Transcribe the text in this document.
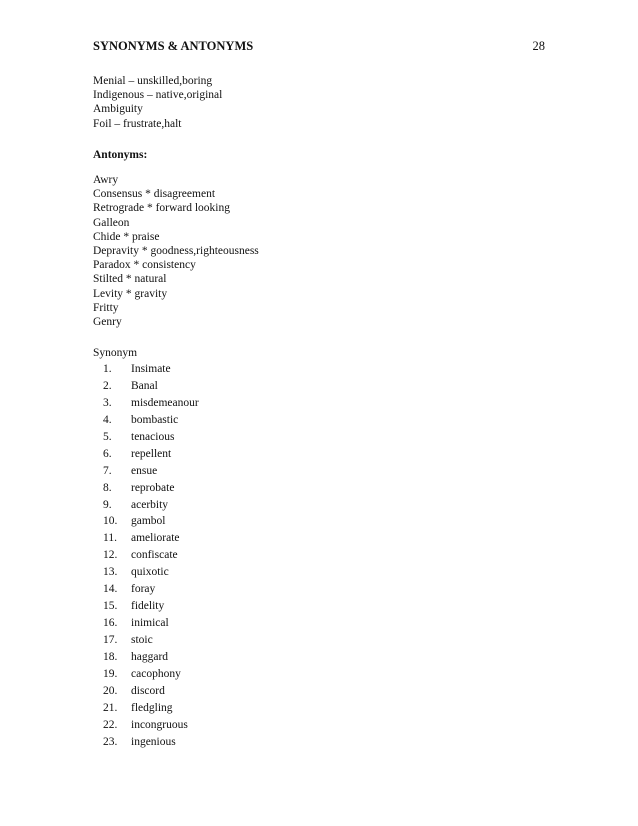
SYNONYMS & ANTONYMS	28
Menial – unskilled,boring
Indigenous – native,original
Ambiguity
Foil – frustrate,halt
Antonyms:
Awry
Consensus * disagreement
Retrograde * forward looking
Galleon
Chide * praise
Depravity * goodness,righteousness
Paradox * consistency
Stilted * natural
Levity * gravity
Fritty
Genry
Synonym
1.	Insimate
2.	Banal
3.	misdemeanour
4.	bombastic
5.	tenacious
6.	repellent
7.	ensue
8.	reprobate
9.	acerbity
10.	gambol
11.	ameliorate
12.	confiscate
13.	quixotic
14.	foray
15.	fidelity
16.	inimical
17.	stoic
18.	haggard
19.	cacophony
20.	discord
21.	fledgling
22.	incongruous
23.	ingenious
